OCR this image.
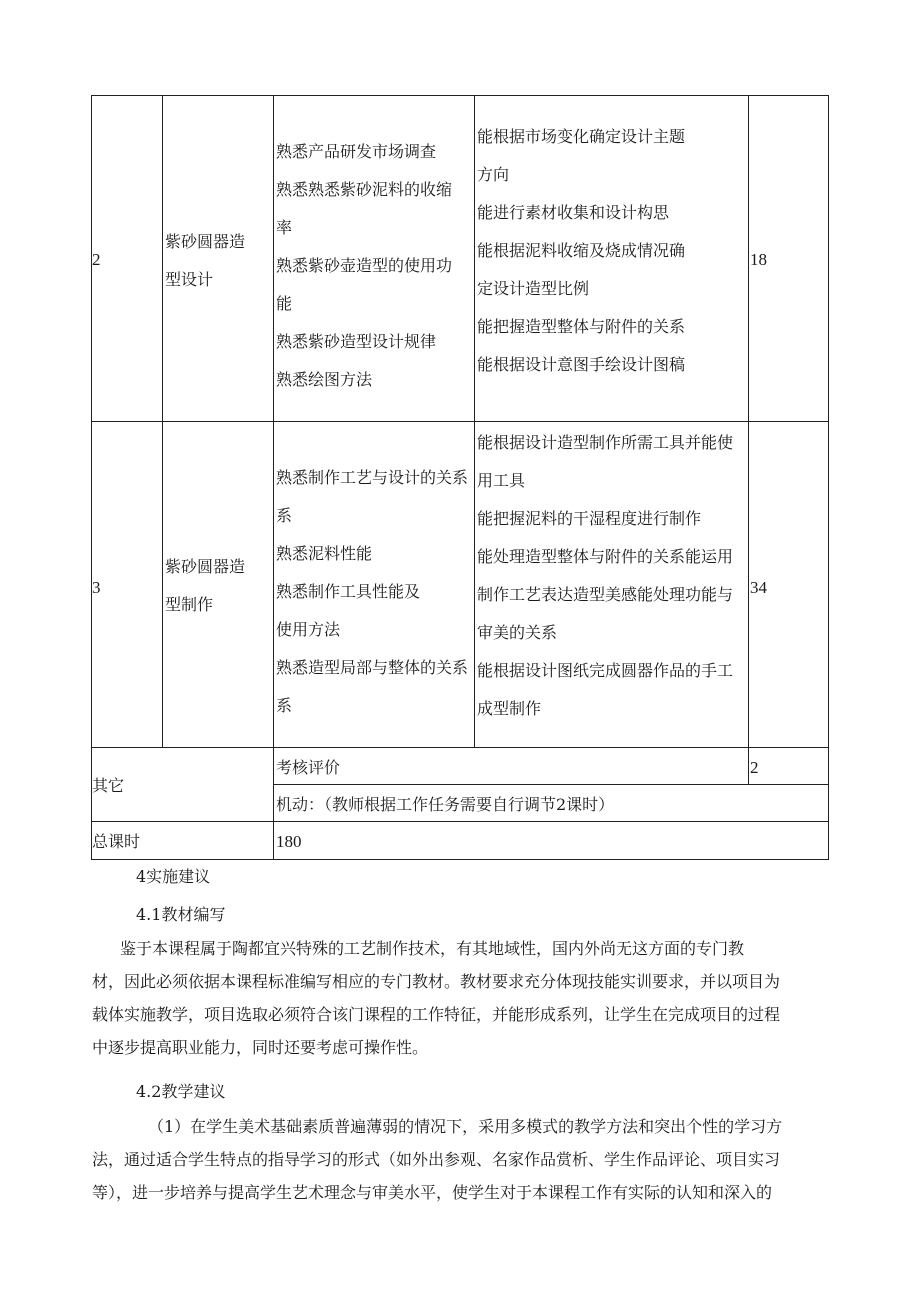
2
紫砂圆器造
型设计
熟悉产品研发市场调查
熟悉熟悉紫砂泥料的收缩
率
熟悉紫砂壶造型的使用功
能
熟悉紫砂造型设计规律
熟悉绘图方法
能根据市场变化确定设计主题
方向
能进行素材收集和设计构思
能根据泥料收缩及烧成情况确
定设计造型比例
能把握造型整体与附件的关系
能根据设计意图手绘设计图稿
18
3
紫砂圆器造
型制作
熟悉制作工艺与设计的关系
系
熟悉泥料性能
熟悉制作工具性能及
使用方法
熟悉造型局部与整体的关系
系
能根据设计造型制作所需工具并能使
用工具
能把握泥料的干湿程度进行制作
能处理造型整体与附件的关系能运用
制作工艺表达造型美感能处理功能与
审美的关系
能根据设计图纸完成圆器作品的手工
成型制作
34
其它
考核评价	2
机动：（教师根据工作任务需要自行调节2课时）
总课时	180
4实施建议
4.1教材编写
鉴于本课程属于陶都宜兴特殊的工艺制作技术，有其地域性，国内外尚无这方面的专门教
材，因此必须依据本课程标准编写相应的专门教材。教材要求充分体现技能实训要求，并以项目为
载体实施教学，项目选取必须符合该门课程的工作特征，并能形成系列，让学生在完成项目的过程
中逐步提高职业能力，同时还要考虑可操作性。
4.2教学建议
（1）在学生美术基础素质普遍薄弱的情况下，采用多模式的教学方法和突出个性的学习方
法，通过适合学生特点的指导学习的形式（如外出参观、名家作品赏析、学生作品评论、项目实习
等），进一步培养与提高学生艺术理念与审美水平，使学生对于本课程工作有实际的认知和深入的
